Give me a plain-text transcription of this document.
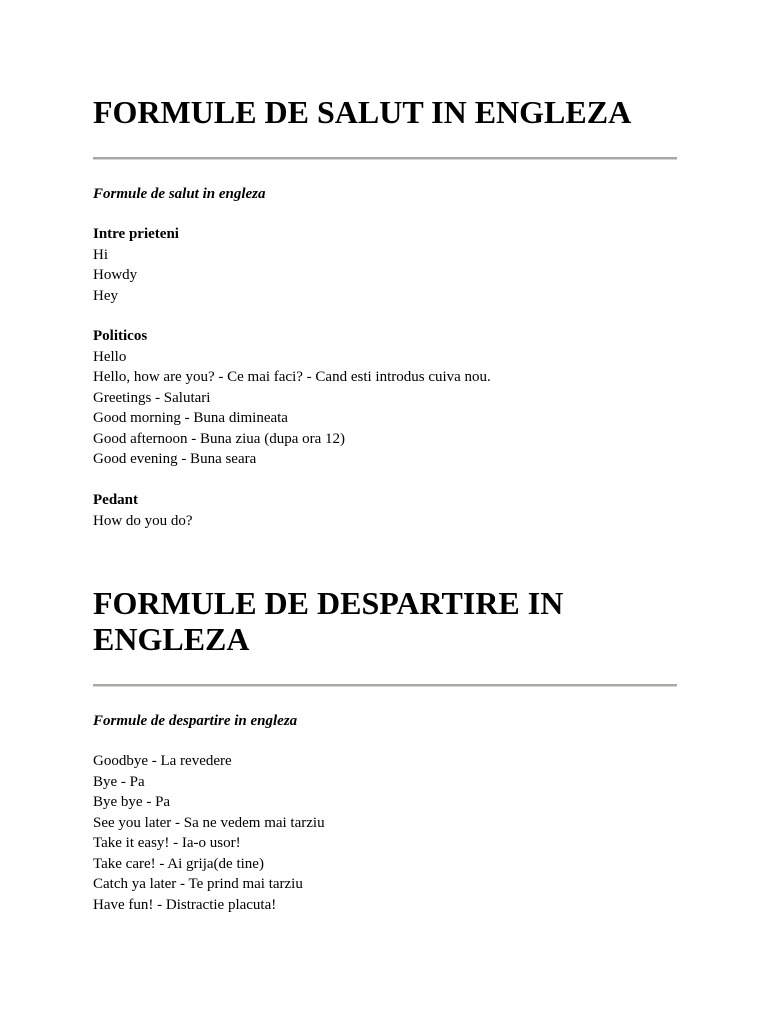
FORMULE DE SALUT IN ENGLEZA
Formule de salut in engleza
Intre prieteni
Hi
Howdy
Hey
Politicos
Hello
Hello, how are you? - Ce mai faci? - Cand esti introdus cuiva nou.
Greetings - Salutari
Good morning - Buna dimineata
Good afternoon - Buna ziua (dupa ora 12)
Good evening - Buna seara
Pedant
How do you do?
FORMULE DE DESPARTIRE IN
ENGLEZA
Formule de despartire in engleza
Goodbye - La revedere
Bye - Pa
Bye bye - Pa
See you later - Sa ne vedem mai tarziu
Take it easy! - Ia-o usor!
Take care! - Ai grija(de tine)
Catch ya later - Te prind mai tarziu
Have fun! - Distractie placuta!
